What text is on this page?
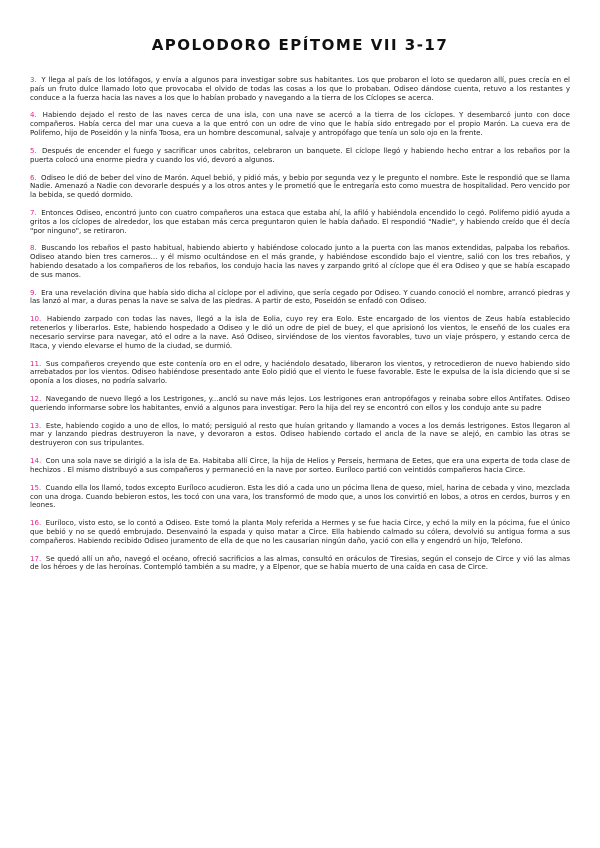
APOLODORO EPÍTOME VII 3-17

3. Y llega al país de los lotófagos, y envía a algunos para investigar sobre sus habitantes. Los que probaron el loto se quedaron allí, pues crecía en el país un fruto dulce llamado loto que provocaba el olvido de todas las cosas a los que lo probaban. Odiseo dándose cuenta, retuvo a los restantes y conduce a la fuerza hacia las naves a los que lo habían probado y navegando a la tierra de los Cíclopes se acerca.

4. Habiendo dejado el resto de las naves cerca de una isla, con una nave se acercó a la tierra de los cíclopes. Y desembarcó junto con doce compañeros. Había cerca del mar una cueva a la que entró con un odre de vino que le había sido entregado por el propio Marón. La cueva era de Polifemo, hijo de Poseidón y la ninfa Toosa, era un hombre descomunal, salvaje y antropófago que tenía un solo ojo en la frente.

5. Después de encender el fuego y sacrificar unos cabritos, celebraron un banquete. El cíclope llegó y habiendo hecho entrar a los rebaños por la puerta colocó una enorme piedra y cuando los vió, devoró a algunos.

6. Odiseo le dió de beber del vino de Marón. Aquel bebió, y pidió más, y bebio por segunda vez y le pregunto el nombre. Este le respondió que se llama Nadie. Amenazó a Nadie con devorarle después y a los otros antes y le prometió que le entregaría esto como muestra de hospitalidad. Pero vencido por la bebida, se quedó dormido.

7. Entonces Odiseo, encontró junto con cuatro compañeros una estaca que estaba ahí, la afiló y habiéndola encendido lo cegó. Polifemo pidió ayuda a gritos a los cíclopes de alrededor, los que estaban más cerca preguntaron quien le había dañado. El respondió "Nadie", y habiendo creído que él decía "por ninguno", se retiraron.

8. Buscando los rebaños el pasto habitual, habiendo abierto y habiéndose colocado junto a la puerta con las manos extendidas, palpaba los rebaños. Odiseo atando bien tres carneros... y él mismo ocultándose en el más grande, y habiéndose escondido bajo el vientre, salió con los tres rebaños, y habiendo desatado a los compañeros de los rebaños, los condujo hacia las naves y zarpando gritó al cíclope que él era Odiseo y que se había escapado de sus manos.

9. Era una revelación divina que había sido dicha al cíclope por el adivino, que sería cegado por Odiseo. Y cuando conoció el nombre, arrancó piedras y las lanzó al mar, a duras penas la nave se salva de las piedras. A partir de esto, Poseidón se enfadó con Odiseo.

10. Habiendo zarpado con todas las naves, llegó a la isla de Eolia, cuyo rey era Eolo. Este encargado de los vientos de Zeus había establecido retenerlos y liberarlos. Este, habiendo hospedado a Odiseo y le dió un odre de piel de buey, el que aprisionó los vientos, le enseñó de los cuales era necesario servirse para navegar, ató el odre a la nave. Asó Odiseo, sirviéndose de los vientos favorables, tuvo un viaje próspero, y estando cerca de Itaca, y viendo elevarse el humo de la ciudad, se durmió.

11. Sus compañeros creyendo que este contenía oro en el odre, y haciéndolo desatado, liberaron los vientos, y retrocedieron de nuevo habiendo sido arrebatados por los vientos. Odiseo habiéndose presentado ante Eolo pidió que el viento le fuese favorable. Este le expulsa de la isla diciendo que si se oponía a los dioses, no podría salvarlo.

12. Navegando de nuevo llegó a los Lestrigones, y...ancló su nave más lejos. Los lestrigones eran antropófagos y reinaba sobre ellos Antífates. Odiseo queriendo informarse sobre los habitantes, envió a algunos para investigar. Pero la hija del rey se encontró con ellos y los condujo ante su padre

13. Este, habiendo cogido a uno de ellos, lo mató; persiguió al resto que huían gritando y llamando a voces a los demás lestrigones. Estos llegaron al mar y lanzando piedras destruyeron la nave, y devoraron a estos. Odiseo habiendo cortado el ancla de la nave se alejó, en cambio las otras se destruyeron con sus tripulantes.

14. Con una sola nave se dirigió a la isla de Ea. Habitaba allí Circe, la hija de Helios y Perseis, hermana de Eetes, que era una experta de toda clase de hechizos . El mismo distribuyó a sus compañeros y permaneció en la nave por sorteo. Euríloco partió con veintidós compañeros hacia Circe.

15. Cuando ella los llamó, todos excepto Euríloco acudieron. Esta les dió a cada uno un pócima llena de queso, miel, harina de cebada y vino, mezclada con una droga. Cuando bebieron estos, les tocó con una vara, los transformó de modo que, a unos los convirtió en lobos, a otros en cerdos, burros y en leones.

16. Euríloco, visto esto, se lo contó a Odiseo. Este tomó la planta Moly referida a Hermes y se fue hacia Circe, y echó la mily en la pócima, fue el único que bebió y no se quedó embrujado. Desenvainó la espada y quiso matar a Circe. Ella habiendo calmado su cólera, devolvió su antigua forma a sus compañeros. Habiendo recibido Odiseo juramento de ella de que no les causarían ningún daño, yació con ella y engendró un hijo, Telefono.

17. Se quedó allí un año, navegó el océano, ofreció sacrificios a las almas, consultó en oráculos de Tiresias, según el consejo de Circe y vió las almas de los héroes y de las heroínas. Contempló también a su madre, y a Elpenor, que se había muerto de una caída en casa de Circe.
